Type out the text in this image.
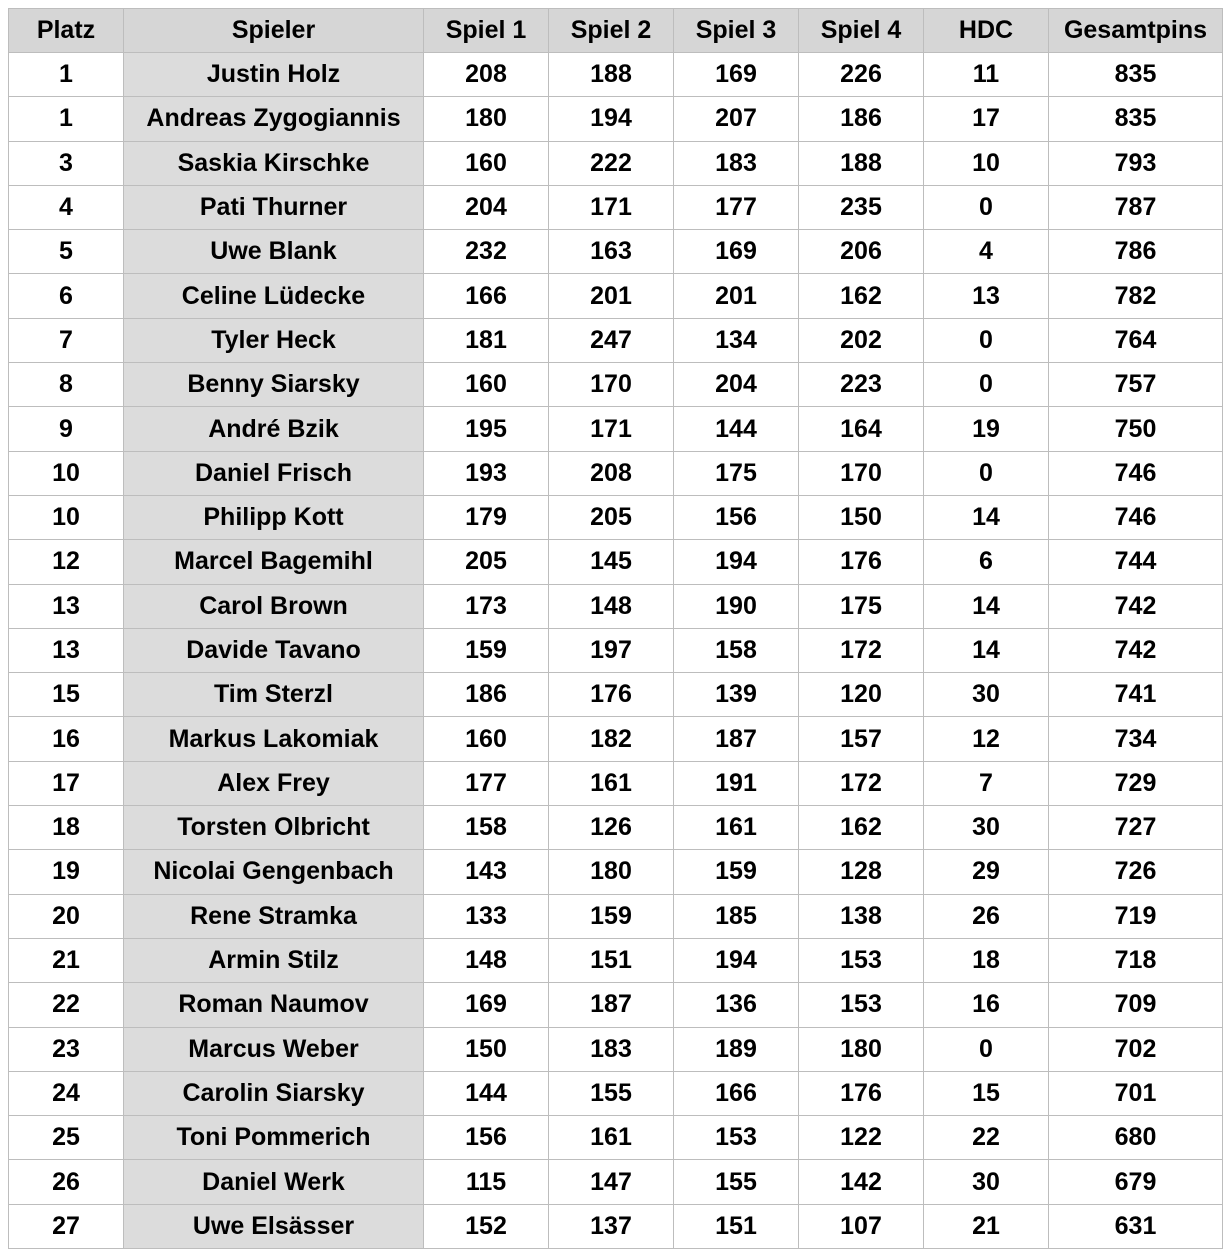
Platz	Spieler	Spiel 1	Spiel 2	Spiel 3	Spiel 4	HDC	Gesamtpins
1	Justin Holz	208	188	169	226	11	835
1	Andreas Zygogiannis	180	194	207	186	17	835
3	Saskia Kirschke	160	222	183	188	10	793
4	Pati Thurner	204	171	177	235	0	787
5	Uwe Blank	232	163	169	206	4	786
6	Celine Lüdecke	166	201	201	162	13	782
7	Tyler Heck	181	247	134	202	0	764
8	Benny Siarsky	160	170	204	223	0	757
9	André Bzik	195	171	144	164	19	750
10	Daniel Frisch	193	208	175	170	0	746
10	Philipp Kott	179	205	156	150	14	746
12	Marcel Bagemihl	205	145	194	176	6	744
13	Carol Brown	173	148	190	175	14	742
13	Davide Tavano	159	197	158	172	14	742
15	Tim Sterzl	186	176	139	120	30	741
16	Markus Lakomiak	160	182	187	157	12	734
17	Alex Frey	177	161	191	172	7	729
18	Torsten Olbricht	158	126	161	162	30	727
19	Nicolai Gengenbach	143	180	159	128	29	726
20	Rene Stramka	133	159	185	138	26	719
21	Armin Stilz	148	151	194	153	18	718
22	Roman Naumov	169	187	136	153	16	709
23	Marcus Weber	150	183	189	180	0	702
24	Carolin Siarsky	144	155	166	176	15	701
25	Toni Pommerich	156	161	153	122	22	680
26	Daniel Werk	115	147	155	142	30	679
27	Uwe Elsässer	152	137	151	107	21	631
